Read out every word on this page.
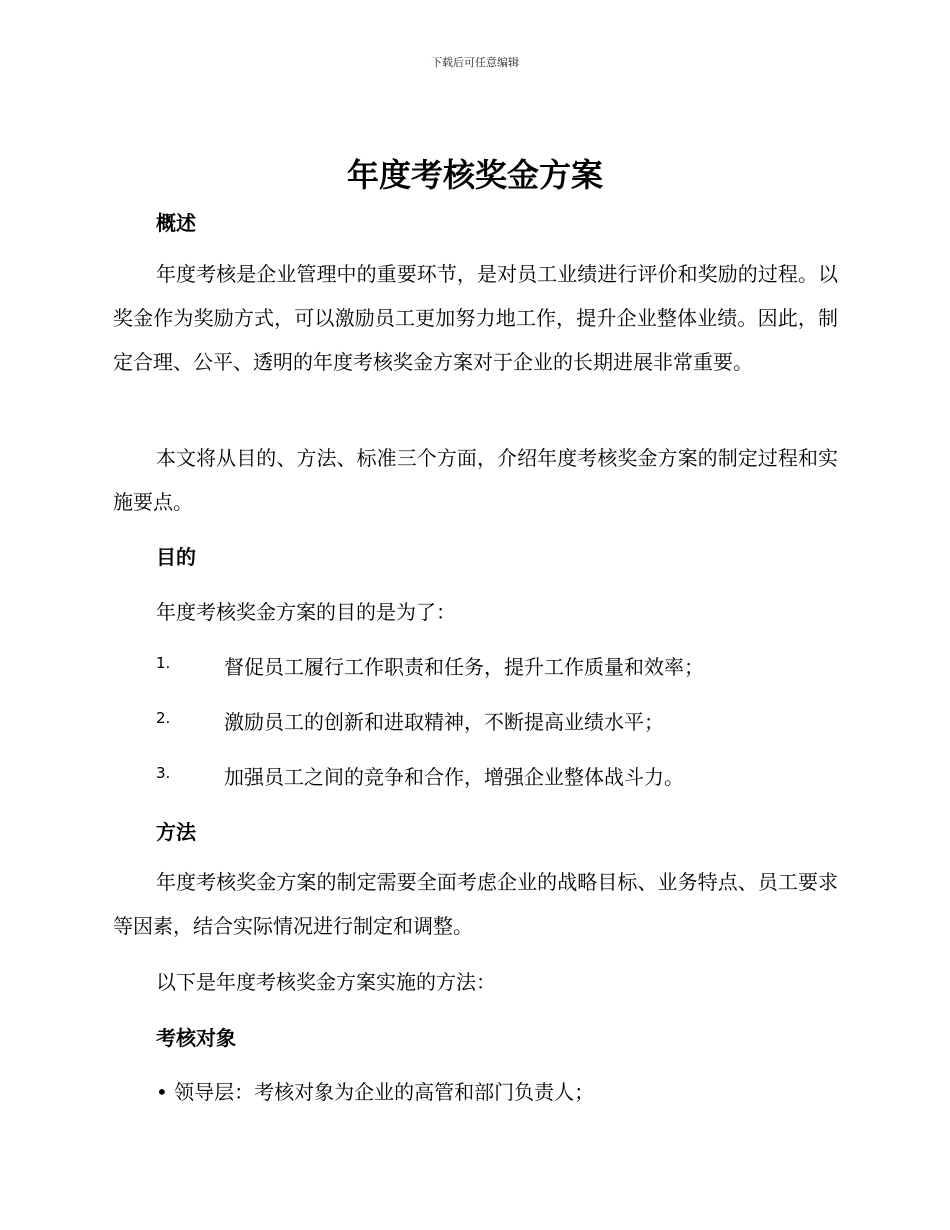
下载后可任意编辑
年度考核奖金方案
概述
年度考核是企业管理中的重要环节，是对员工业绩进行评价和奖励的过程。以奖金作为奖励方式，可以激励员工更加努力地工作，提升企业整体业绩。因此，制定合理、公平、透明的年度考核奖金方案对于企业的长期进展非常重要。
本文将从目的、方法、标准三个方面，介绍年度考核奖金方案的制定过程和实施要点。
目的
年度考核奖金方案的目的是为了：
1.	督促员工履行工作职责和任务，提升工作质量和效率；
2.	激励员工的创新和进取精神，不断提高业绩水平；
3.	加强员工之间的竞争和合作，增强企业整体战斗力。
方法
年度考核奖金方案的制定需要全面考虑企业的战略目标、业务特点、员工要求等因素，结合实际情况进行制定和调整。
以下是年度考核奖金方案实施的方法：
考核对象
• 领导层：考核对象为企业的高管和部门负责人；
